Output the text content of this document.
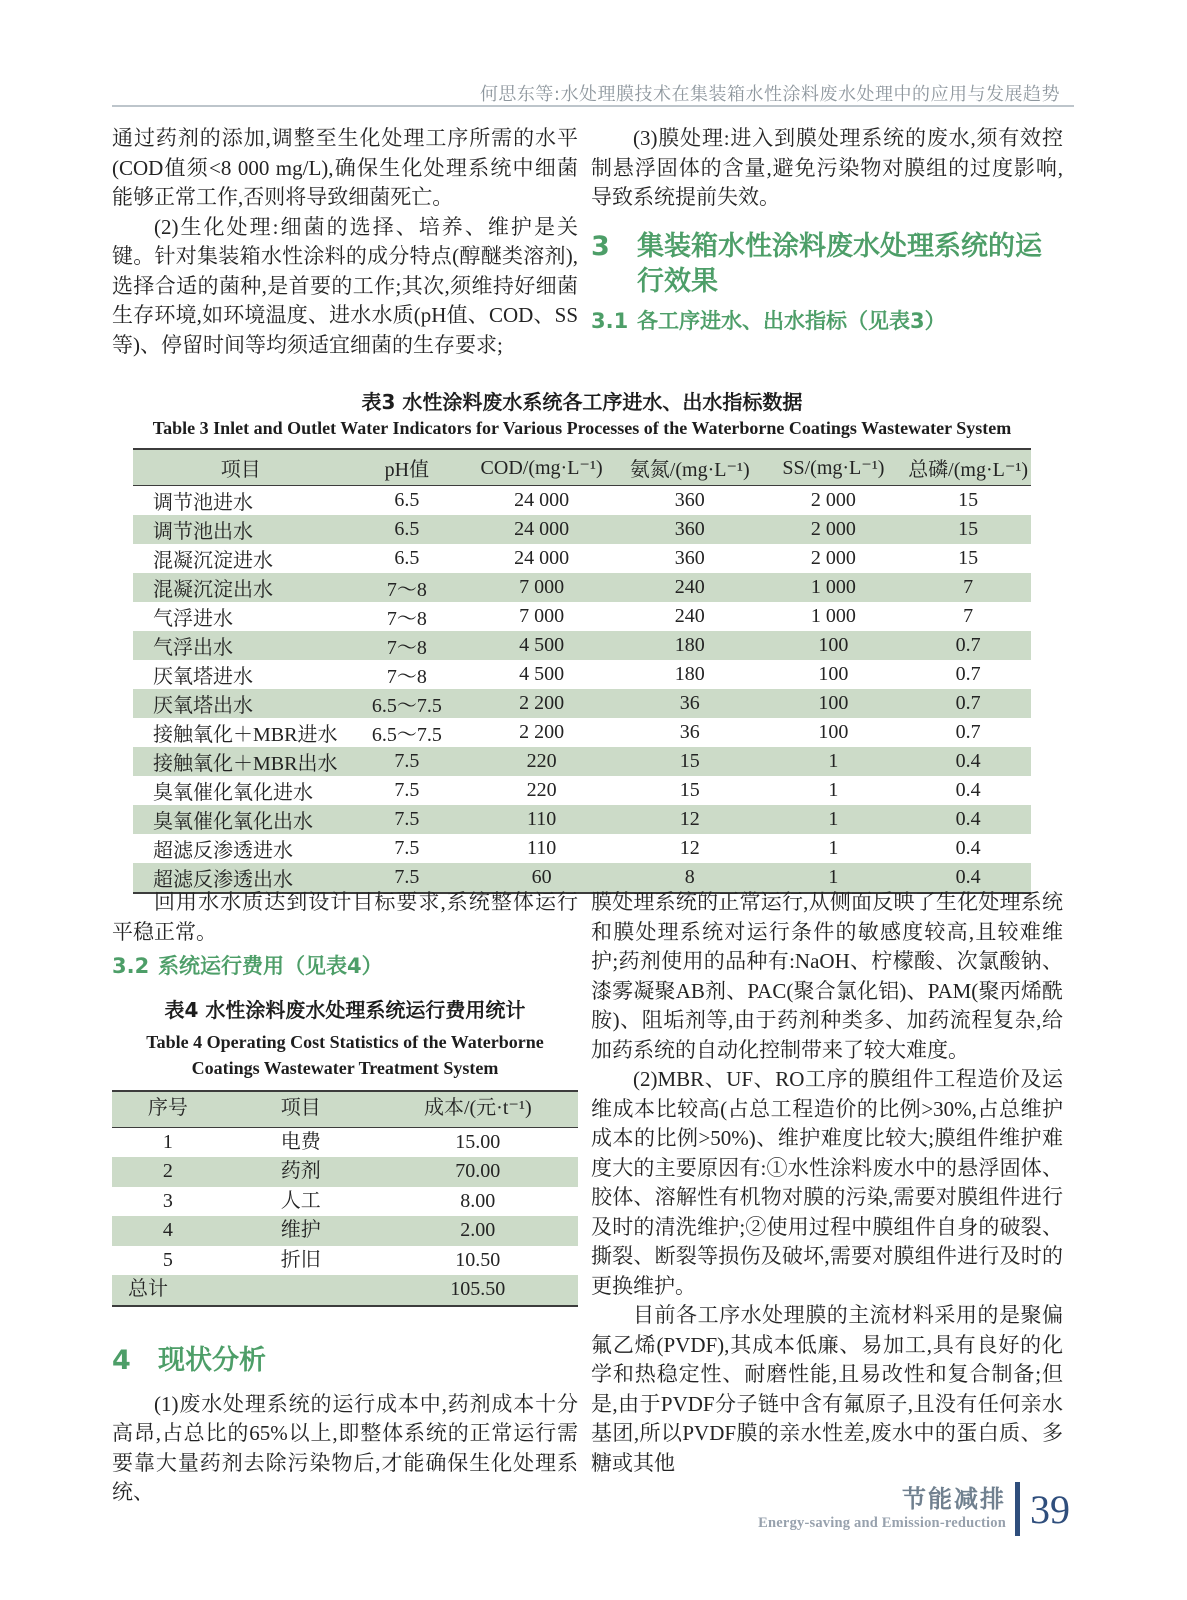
何思东等:水处理膜技术在集装箱水性涂料废水处理中的应用与发展趋势

通过药剂的添加,调整至生化处理工序所需的水平(COD值须<8 000 mg/L),确保生化处理系统中细菌能够正常工作,否则将导致细菌死亡。

(2)生化处理:细菌的选择、培养、维护是关键。针对集装箱水性涂料的成分特点(醇醚类溶剂),选择合适的菌种,是首要的工作;其次,须维持好细菌生存环境,如环境温度、进水水质(pH值、COD、SS等)、停留时间等均须适宜细菌的生存要求;

(3)膜处理:进入到膜处理系统的废水,须有效控制悬浮固体的含量,避免污染物对膜组的过度影响,导致系统提前失效。

3	集装箱水性涂料废水处理系统的运行效果
3.1 各工序进水、出水指标（见表3）
表3 水性涂料废水系统各工序进水、出水指标数据
Table 3 Inlet and Outlet Water Indicators for Various Processes of the Waterborne Coatings Wastewater System
项目	pH值	COD/(mg·L⁻¹)	氨氮/(mg·L⁻¹)	SS/(mg·L⁻¹)	总磷/(mg·L⁻¹)
调节池进水	6.5	24 000	360	2 000	15
调节池出水	6.5	24 000	360	2 000	15
混凝沉淀进水	6.5	24 000	360	2 000	15
混凝沉淀出水	7～8	7 000	240	1 000	7
气浮进水	7～8	7 000	240	1 000	7
气浮出水	7～8	4 500	180	100	0.7
厌氧塔进水	7～8	4 500	180	100	0.7
厌氧塔出水	6.5～7.5	2 200	36	100	0.7
接触氧化＋MBR进水	6.5～7.5	2 200	36	100	0.7
接触氧化＋MBR出水	7.5	220	15	1	0.4
臭氧催化氧化进水	7.5	220	15	1	0.4
臭氧催化氧化出水	7.5	110	12	1	0.4
超滤反渗透进水	7.5	110	12	1	0.4
超滤反渗透出水	7.5	60	8	1	0.4

回用水水质达到设计目标要求,系统整体运行平稳正常。

3.2 系统运行费用（见表4）
表4 水性涂料废水处理系统运行费用统计
Table 4 Operating Cost Statistics of the Waterborne Coatings Wastewater Treatment System
序号	项目	成本/(元·t⁻¹)
1	电费	15.00
2	药剂	70.00
3	人工	8.00
4	维护	2.00
5	折旧	10.50
总计		105.50
4	现状分析

(1)废水处理系统的运行成本中,药剂成本十分高昂,占总比的65%以上,即整体系统的正常运行需要靠大量药剂去除污染物后,才能确保生化处理系统、

膜处理系统的正常运行,从侧面反映了生化处理系统和膜处理系统对运行条件的敏感度较高,且较难维护;药剂使用的品种有:NaOH、柠檬酸、次氯酸钠、漆雾凝聚AB剂、PAC(聚合氯化铝)、PAM(聚丙烯酰胺)、阻垢剂等,由于药剂种类多、加药流程复杂,给加药系统的自动化控制带来了较大难度。

(2)MBR、UF、RO工序的膜组件工程造价及运维成本比较高(占总工程造价的比例>30%,占总维护成本的比例>50%)、维护难度比较大;膜组件维护难度大的主要原因有:①水性涂料废水中的悬浮固体、胶体、溶解性有机物对膜的污染,需要对膜组件进行及时的清洗维护;②使用过程中膜组件自身的破裂、撕裂、断裂等损伤及破坏,需要对膜组件进行及时的更换维护。

目前各工序水处理膜的主流材料采用的是聚偏氟乙烯(PVDF),其成本低廉、易加工,具有良好的化学和热稳定性、耐磨性能,且易改性和复合制备;但是,由于PVDF分子链中含有氟原子,且没有任何亲水基团,所以PVDF膜的亲水性差,废水中的蛋白质、多糖或其他

节能减排
Energy-saving and Emission-reduction 39
